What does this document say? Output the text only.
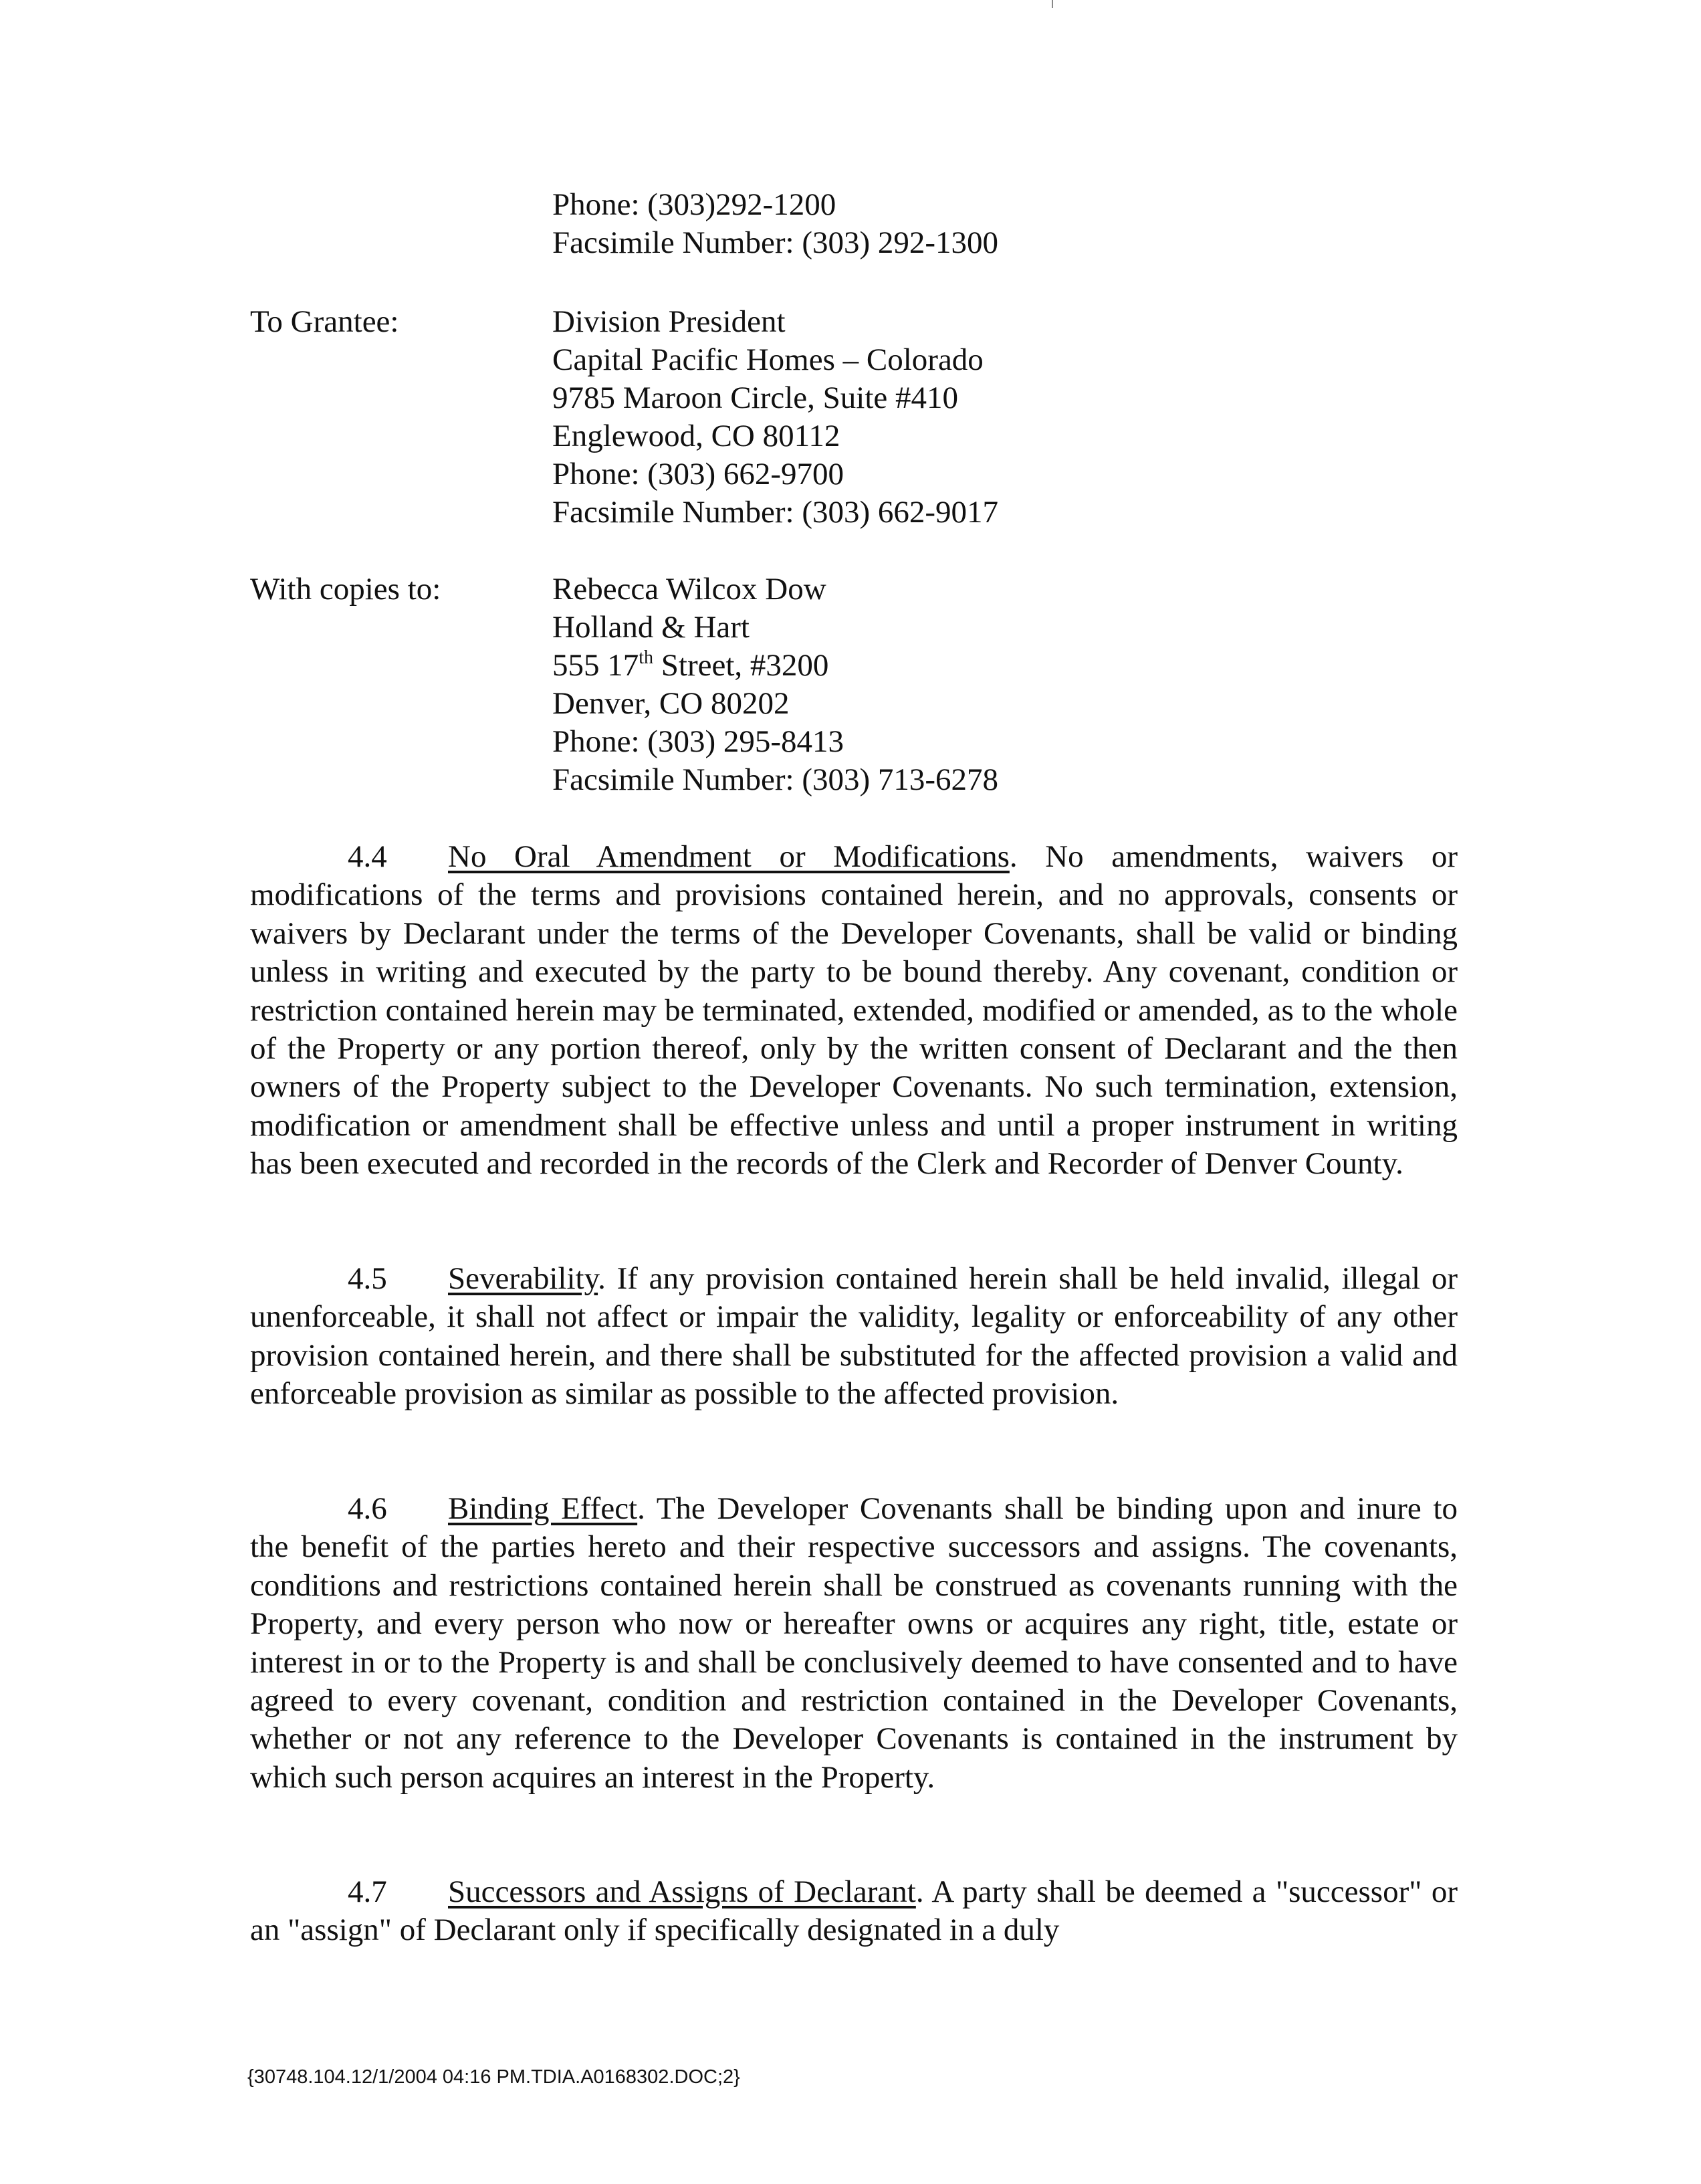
Phone: (303)292-1200
Facsimile Number: (303) 292-1300
To Grantee:	Division President
Capital Pacific Homes – Colorado
9785 Maroon Circle, Suite #410
Englewood, CO 80112
Phone: (303) 662-9700
Facsimile Number: (303) 662-9017
With copies to:	Rebecca Wilcox Dow
Holland & Hart
555 17th Street, #3200
Denver, CO 80202
Phone: (303) 295-8413
Facsimile Number: (303) 713-6278
4.4 No Oral Amendment or Modifications. No amendments, waivers or modifications of the terms and provisions contained herein, and no approvals, consents or waivers by Declarant under the terms of the Developer Covenants, shall be valid or binding unless in writing and executed by the party to be bound thereby. Any covenant, condition or restriction contained herein may be terminated, extended, modified or amended, as to the whole of the Property or any portion thereof, only by the written consent of Declarant and the then owners of the Property subject to the Developer Covenants. No such termination, extension, modification or amendment shall be effective unless and until a proper instrument in writing has been executed and recorded in the records of the Clerk and Recorder of Denver County.
4.5 Severability. If any provision contained herein shall be held invalid, illegal or unenforceable, it shall not affect or impair the validity, legality or enforceability of any other provision contained herein, and there shall be substituted for the affected provision a valid and enforceable provision as similar as possible to the affected provision.
4.6 Binding Effect. The Developer Covenants shall be binding upon and inure to the benefit of the parties hereto and their respective successors and assigns. The covenants, conditions and restrictions contained herein shall be construed as covenants running with the Property, and every person who now or hereafter owns or acquires any right, title, estate or interest in or to the Property is and shall be conclusively deemed to have consented and to have agreed to every covenant, condition and restriction contained in the Developer Covenants, whether or not any reference to the Developer Covenants is contained in the instrument by which such person acquires an interest in the Property.
4.7 Successors and Assigns of Declarant. A party shall be deemed a "successor" or an "assign" of Declarant only if specifically designated in a duly
{30748.104.12/1/2004 04:16 PM.TDIA.A0168302.DOC;2}
